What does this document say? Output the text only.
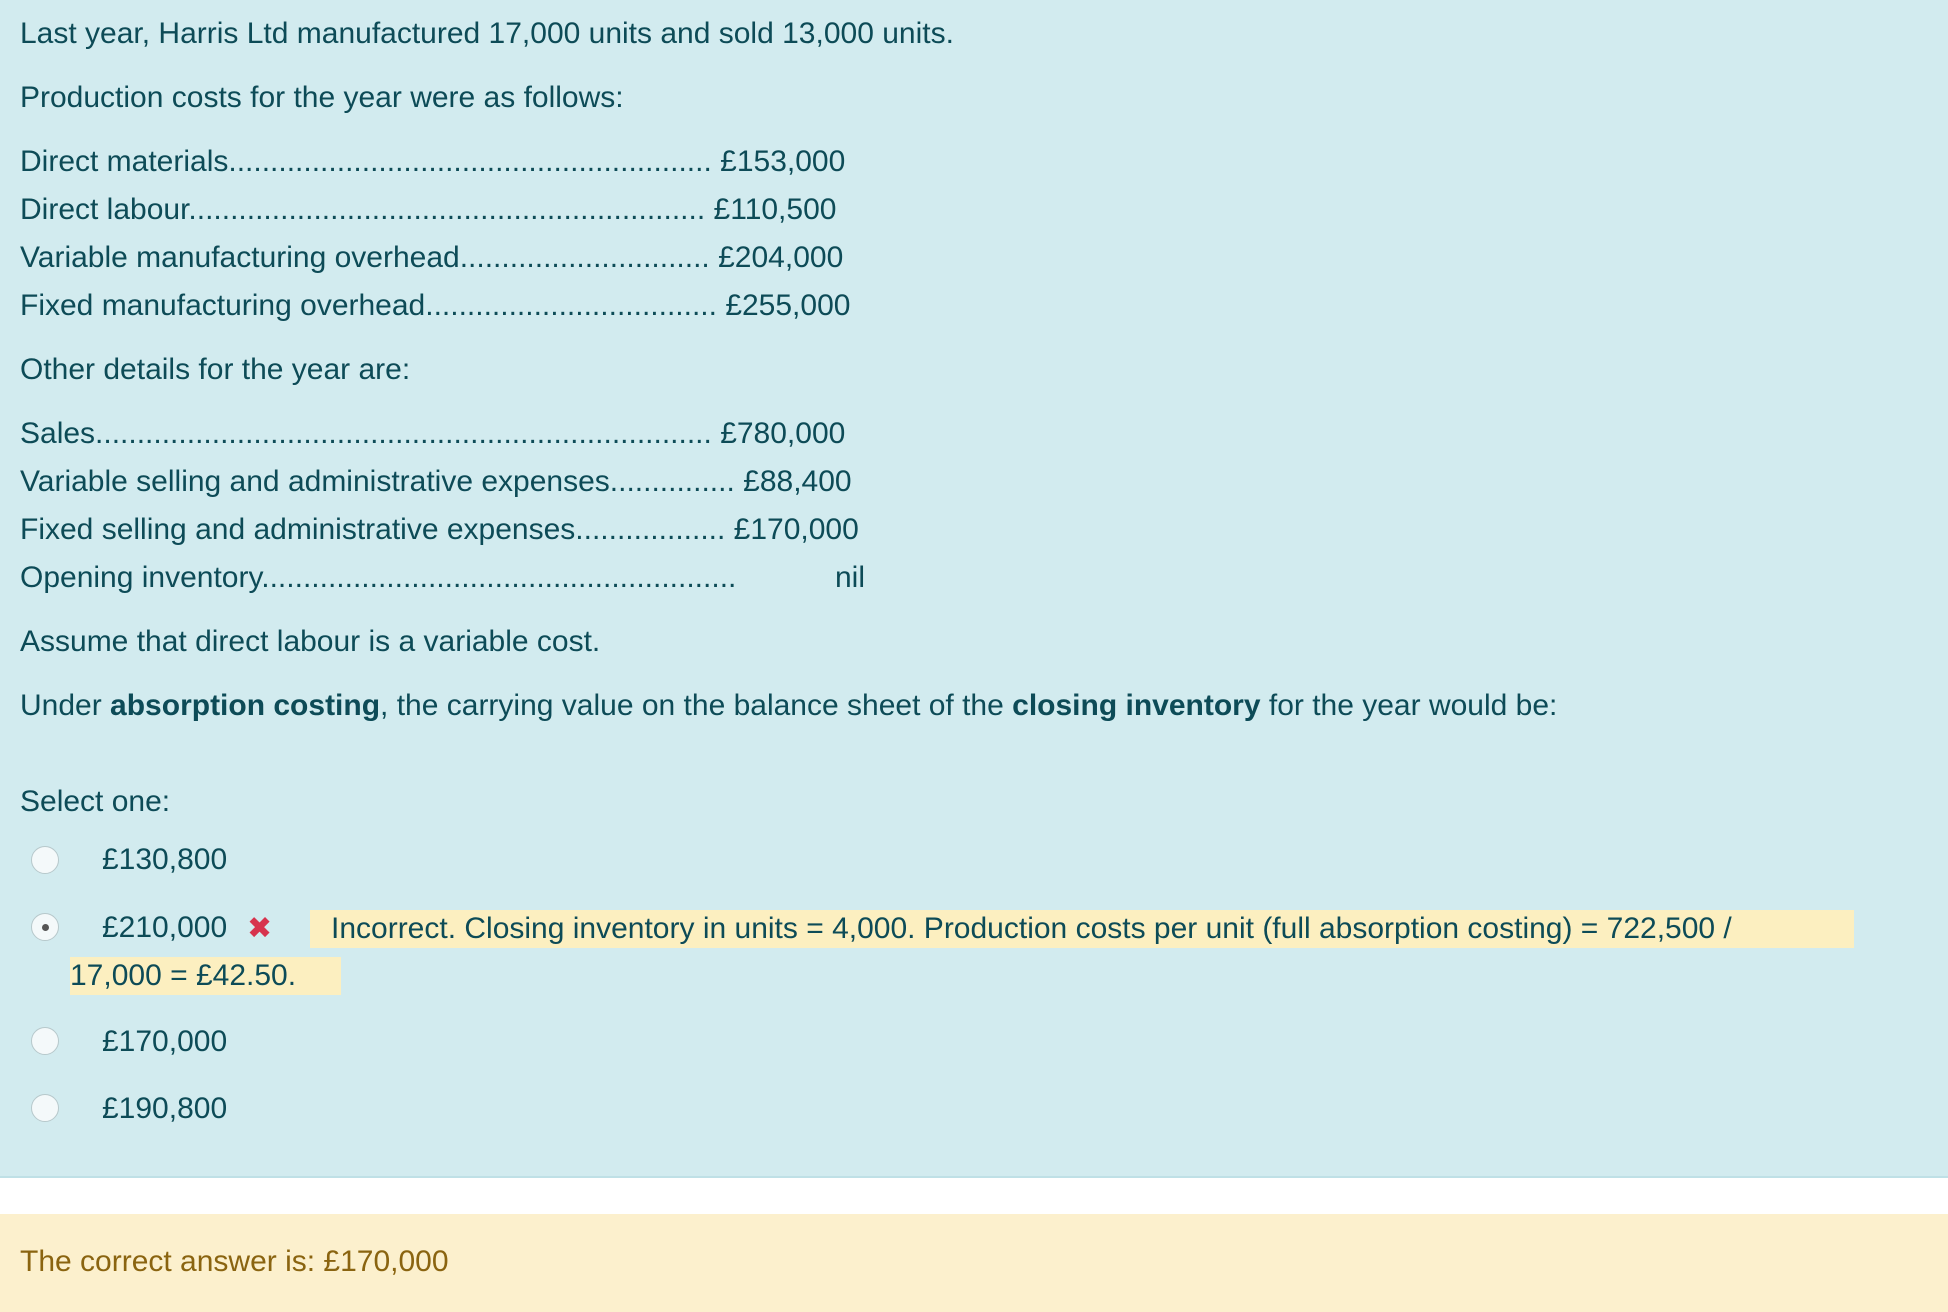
Last year, Harris Ltd manufactured 17,000 units and sold 13,000 units.
Production costs for the year were as follows:
Direct materials.......................................................... £153,000
Direct labour.............................................................. £110,500
Variable manufacturing overhead.............................. £204,000
Fixed manufacturing overhead................................... £255,000
Other details for the year are:
Sales.......................................................................... £780,000
Variable selling and administrative expenses............... £88,400
Fixed selling and administrative expenses.................. £170,000
Opening inventory.........................................................	nil
Assume that direct labour is a variable cost.
Under absorption costing, the carrying value on the balance sheet of the closing inventory for the year would be:
Select one:
£130,800
£210,000 ✖ Incorrect. Closing inventory in units = 4,000. Production costs per unit (full absorption costing) = 722,500 /
17,000 = £42.50.
£170,000
£190,800
The correct answer is: £170,000
